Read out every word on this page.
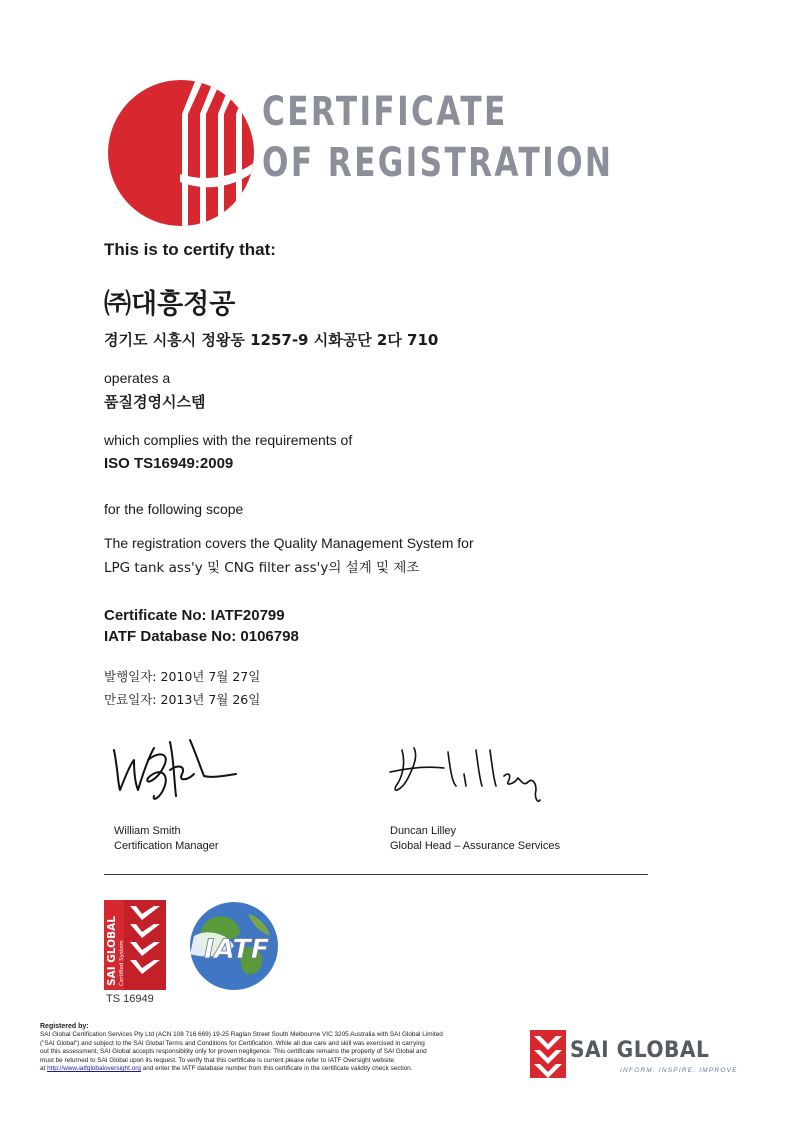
CERTIFICATE
OF REGISTRATION
This is to certify that:
㈜대흥정공
경기도 시흥시 정왕동 1257-9 시화공단 2다 710
operates a
품질경영시스템
which complies with the requirements of
ISO TS16949:2009
for the following scope
The registration covers the Quality Management System for
LPG tank ass'y 및 CNG filter ass'y의 설계 및 제조
Certificate No: IATF20799
IATF Database No: 0106798
발행일자: 2010년 7월 27일
만료일자: 2013년 7월 26일
William Smith
Certification Manager
Duncan Lilley
Global Head – Assurance Services
SAI GLOBAL Certified System
TS 16949
IATF
Registered by:
SAI Global Certification Services Pty Ltd (ACN 108 716 669) 19-25 Raglan Street South Melbourne VIC 3205 Australia with SAI Global Limited
("SAI Global") and subject to the SAI Global Terms and Conditions for Certification. While all due care and skill was exercised in carrying
out this assessment, SAI Global accepts responsibility only for proven negligence. This certificate remains the property of SAI Global and
must be returned to SAI Global upon its request. To verify that this certificate is current please refer to IATF Oversight website
at http://www.iatfglobaloversight.org and enter the IATF database number from this certificate in the certificate validity check section.
SAI GLOBAL
INFORM. INSPIRE. IMPROVE
